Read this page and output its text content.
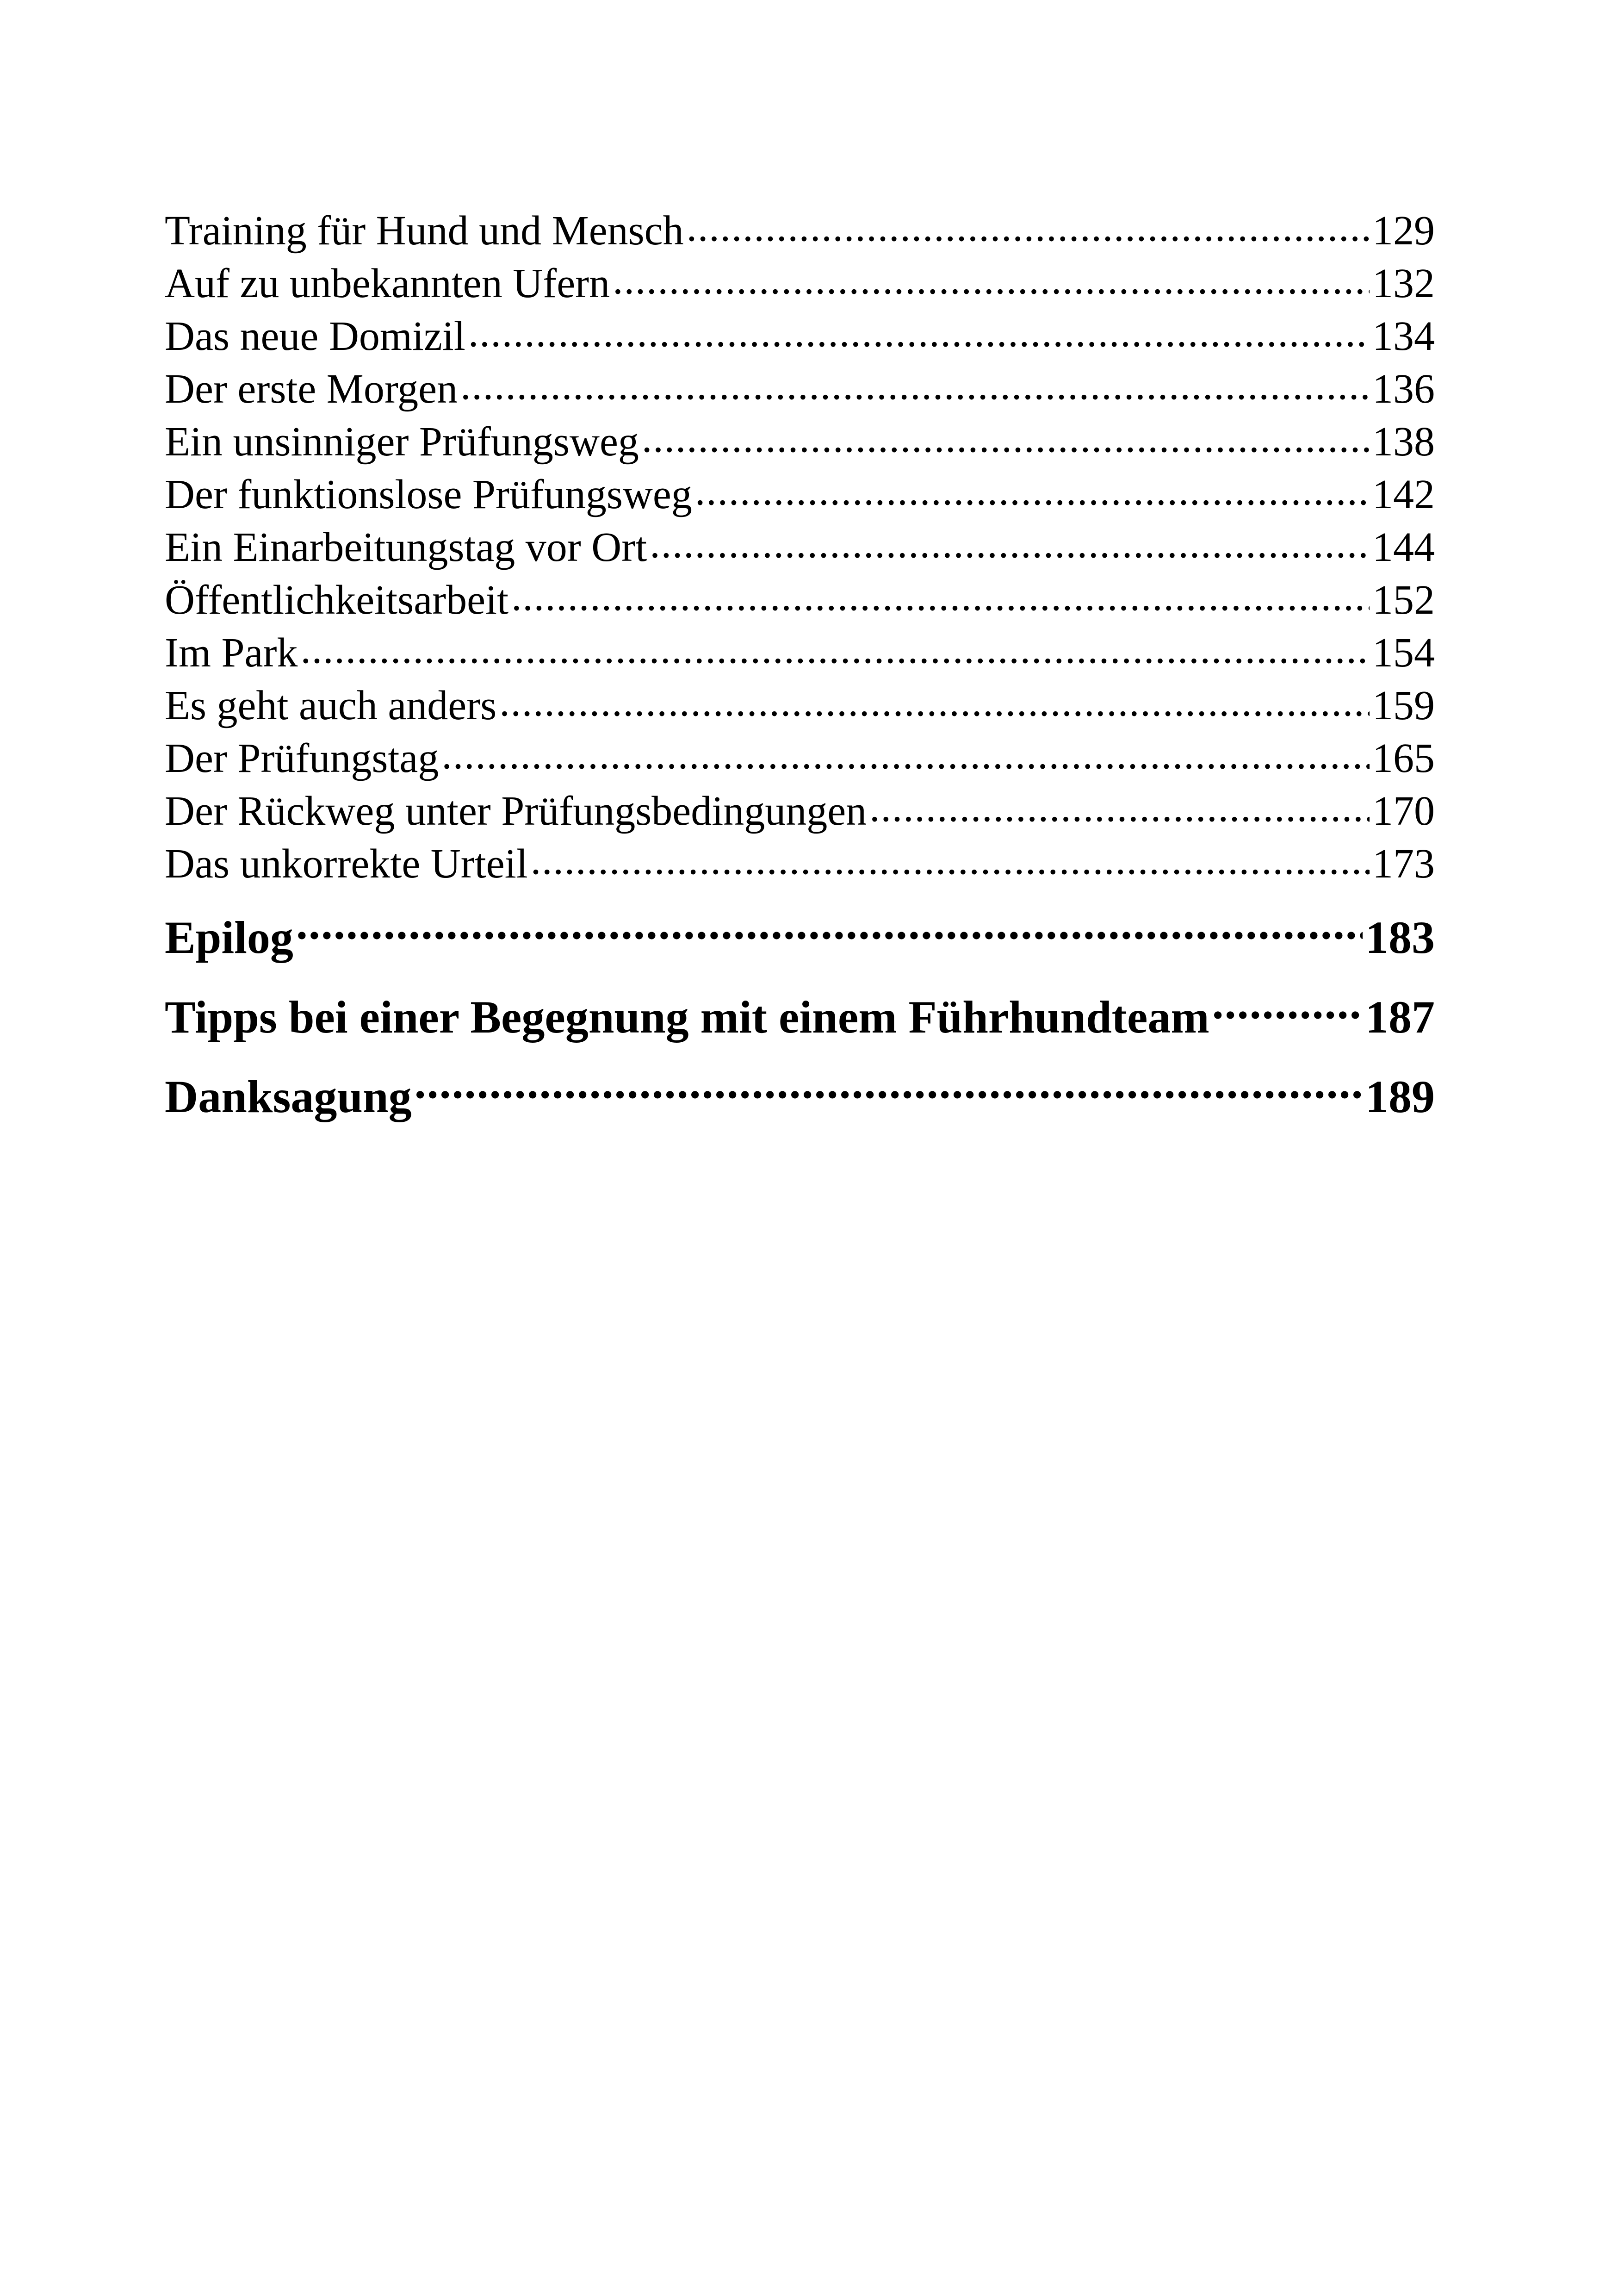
Training für Hund und Mensch .....	129
Auf zu unbekannten Ufern .....	132
Das neue Domizil .....	134
Der erste Morgen .....	136
Ein unsinniger Prüfungsweg .....	138
Der funktionslose Prüfungsweg .....	142
Ein Einarbeitungstag vor Ort .....	144
Öffentlichkeitsarbeit .....	152
Im Park .....	154
Es geht auch anders .....	159
Der Prüfungstag .....	165
Der Rückweg unter Prüfungsbedingungen .....	170
Das unkorrekte Urteil .....	173
Epilog .....	183
Tipps bei einer Begegnung mit einem Führhundteam .....	187
Danksagung .....	189
